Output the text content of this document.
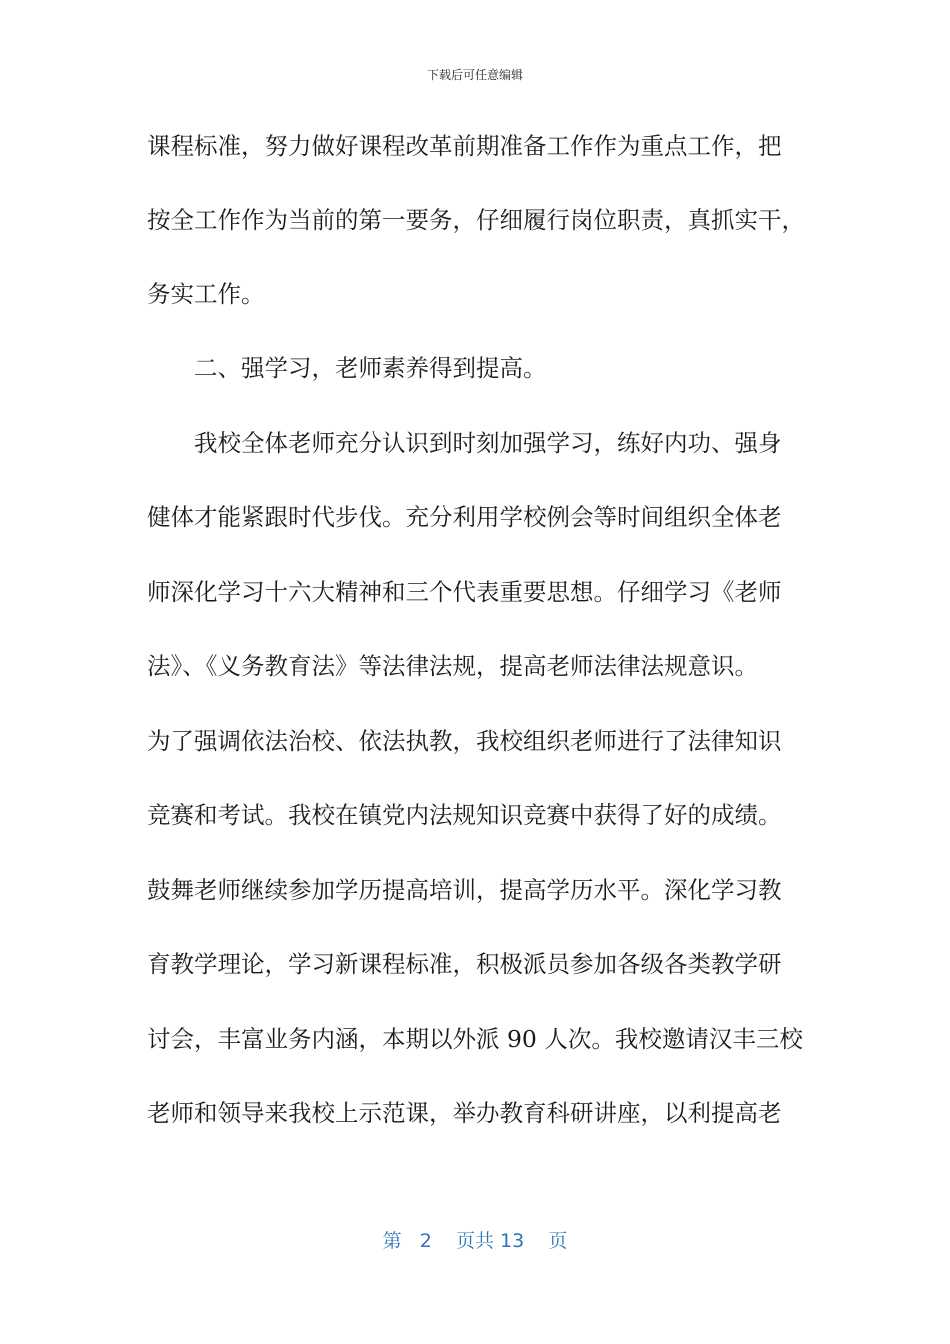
下载后可任意编辑
课程标准，努力做好课程改革前期准备工作作为重点工作，把
按全工作作为当前的第一要务，仔细履行岗位职责，真抓实干，
务实工作。
二、强学习，老师素养得到提高。
我校全体老师充分认识到时刻加强学习，练好内功、强身
健体才能紧跟时代步伐。充分利用学校例会等时间组织全体老
师深化学习十六大精神和三个代表重要思想。仔细学习《老师
法》、《义务教育法》等法律法规，提高老师法律法规意识。
为了强调依法治校、依法执教，我校组织老师进行了法律知识
竞赛和考试。我校在镇党内法规知识竞赛中获得了好的成绩。
鼓舞老师继续参加学历提高培训，提高学历水平。深化学习教
育教学理论，学习新课程标准，积极派员参加各级各类教学研
讨会，丰富业务内涵，本期以外派 90 人次。我校邀请汉丰三校
老师和领导来我校上示范课，举办教育科研讲座，以利提高老
第 2 页共 13 页
